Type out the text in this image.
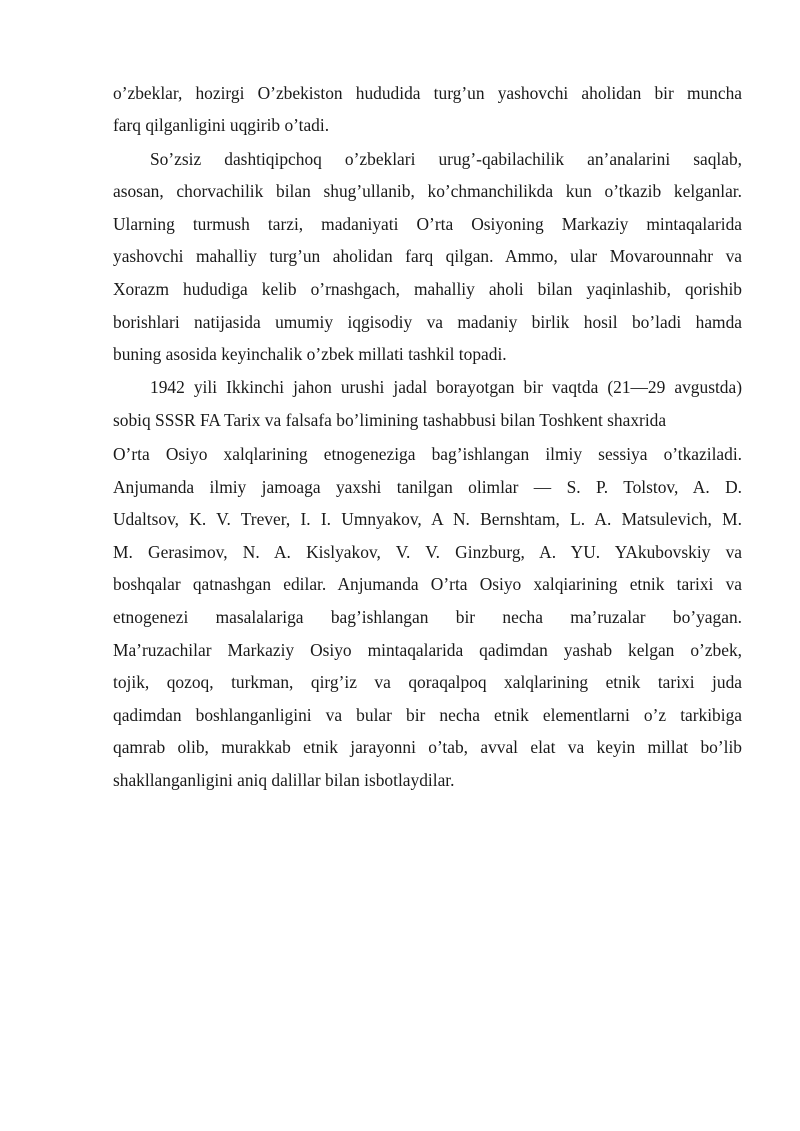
o’zbeklar, hozirgi O’zbekiston hududida turg’un yashovchi aholidan bir muncha
farq qilganligini uqgirib o’tadi.
So’zsiz dashtiqipchoq o’zbeklari urug’-qabilachilik an’analarini saqlab,
asosan, chorvachilik bilan shug’ullanib, ko’chmanchilikda kun o’tkazib kelganlar.
Ularning turmush tarzi, madaniyati O’rta Osiyoning Markaziy mintaqalarida
yashovchi mahalliy turg’un aholidan farq qilgan. Ammo, ular Movarounnahr va
Xorazm hududiga kelib o’rnashgach, mahalliy aholi bilan yaqinlashib, qorishib
borishlari natijasida umumiy iqgisodiy va madaniy birlik hosil bo’ladi hamda
buning asosida keyinchalik o’zbek millati tashkil topadi.
1942 yili Ikkinchi jahon urushi jadal borayotgan bir vaqtda (21—29 avgustda)
sobiq SSSR FA Tarix va falsafa bo’limining tashabbusi bilan Toshkent shaxrida
O’rta Osiyo xalqlarining etnogeneziga bag’ishlangan ilmiy sessiya o’tkaziladi.
Anjumanda ilmiy jamoaga yaxshi tanilgan olimlar — S. P. Tolstov, A. D.
Udaltsov, K. V. Trever, I. I. Umnyakov, A N. Bernshtam, L. A. Matsulevich, M.
M. Gerasimov, N. A. Kislyakov, V. V. Ginzburg, A. YU. YAkubovskiy va
boshqalar qatnashgan edilar. Anjumanda O’rta Osiyo xalqiarining etnik tarixi va
etnogenezi masalalariga bag’ishlangan bir necha ma’ruzalar bo’yagan.
Ma’ruzachilar Markaziy Osiyo mintaqalarida qadimdan yashab kelgan o’zbek,
tojik, qozoq, turkman, qirg’iz va qoraqalpoq xalqlarining etnik tarixi juda
qadimdan boshlanganligini va bular bir necha etnik elementlarni o’z tarkibiga
qamrab olib, murakkab etnik jarayonni o’tab, avval elat va keyin millat bo’lib
shakllanganligini aniq dalillar bilan isbotlaydilar.
